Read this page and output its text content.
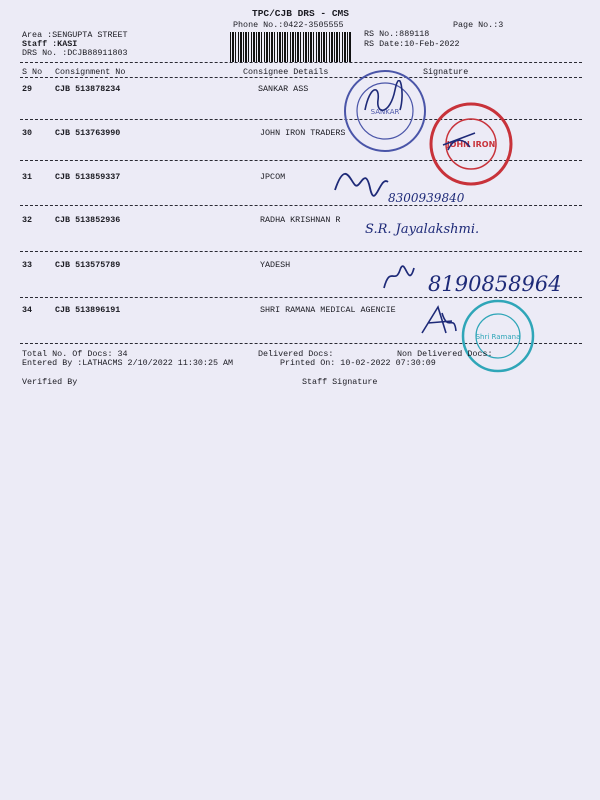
TPC/CJB DRS - CMS
Phone No.:0422-3505555	Page No.:3
Area :SENGUPTA STREET
Staff :KASI
DRS No. :DCJB88911803
RS No.:889118
RS Date:10-Feb-2022
S No Consignment No	Consignee Details	Signature
29	CJB 513878234	SANKAR ASS
30	CJB 513763990	JOHN IRON TRADERS
31	CJB 513859337	JPCOM
32	CJB 513852936	RADHA KRISHNAN R
33	CJB 513575789	YADESH
34	CJB 513896191	SHRI RAMANA MEDICAL AGENCIE
SANKAR
JOHN IRON
Shri Ramana
8300939840
S.R. Jayalakshmi.
8190858964
Total No. Of Docs: 34	Delivered Docs:	Non Delivered Docs:
Entered By :LATHACMS 2/10/2022 11:30:25 AM	Printed On: 10-02-2022 07:30:09
Verified By	Staff Signature
